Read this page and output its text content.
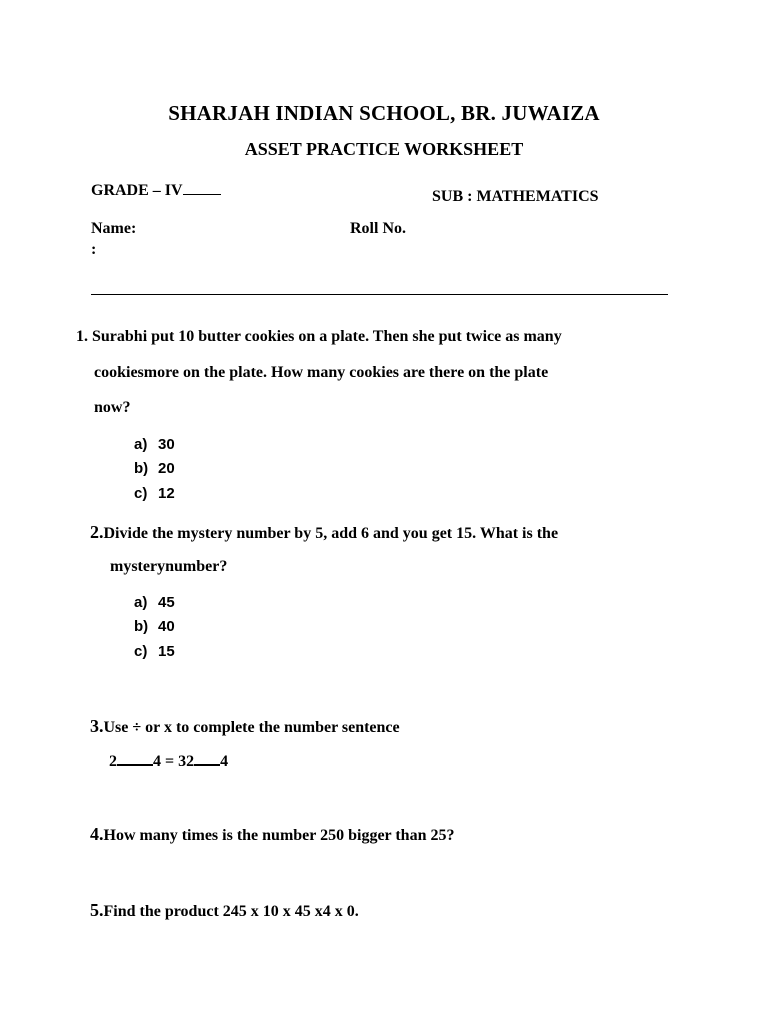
SHARJAH INDIAN SCHOOL, BR. JUWAIZA
ASSET PRACTICE WORKSHEET
GRADE – IV	SUB : MATHEMATICS
Name:
:
Roll No.
1. Surabhi put 10 butter cookies on a plate. Then she put twice as many
cookiesmore on the plate. How many cookies are there on the plate
now?
a) 30
b) 20
c) 12
2.Divide the mystery number by 5, add 6 and you get 15. What is the
mysterynumber?
a) 45
b) 40
c) 15
3.Use ÷ or x to complete the number sentence
2 4 = 32 4
4.How many times is the number 250 bigger than 25?
5.Find the product 245 x 10 x 45 x4 x 0.
